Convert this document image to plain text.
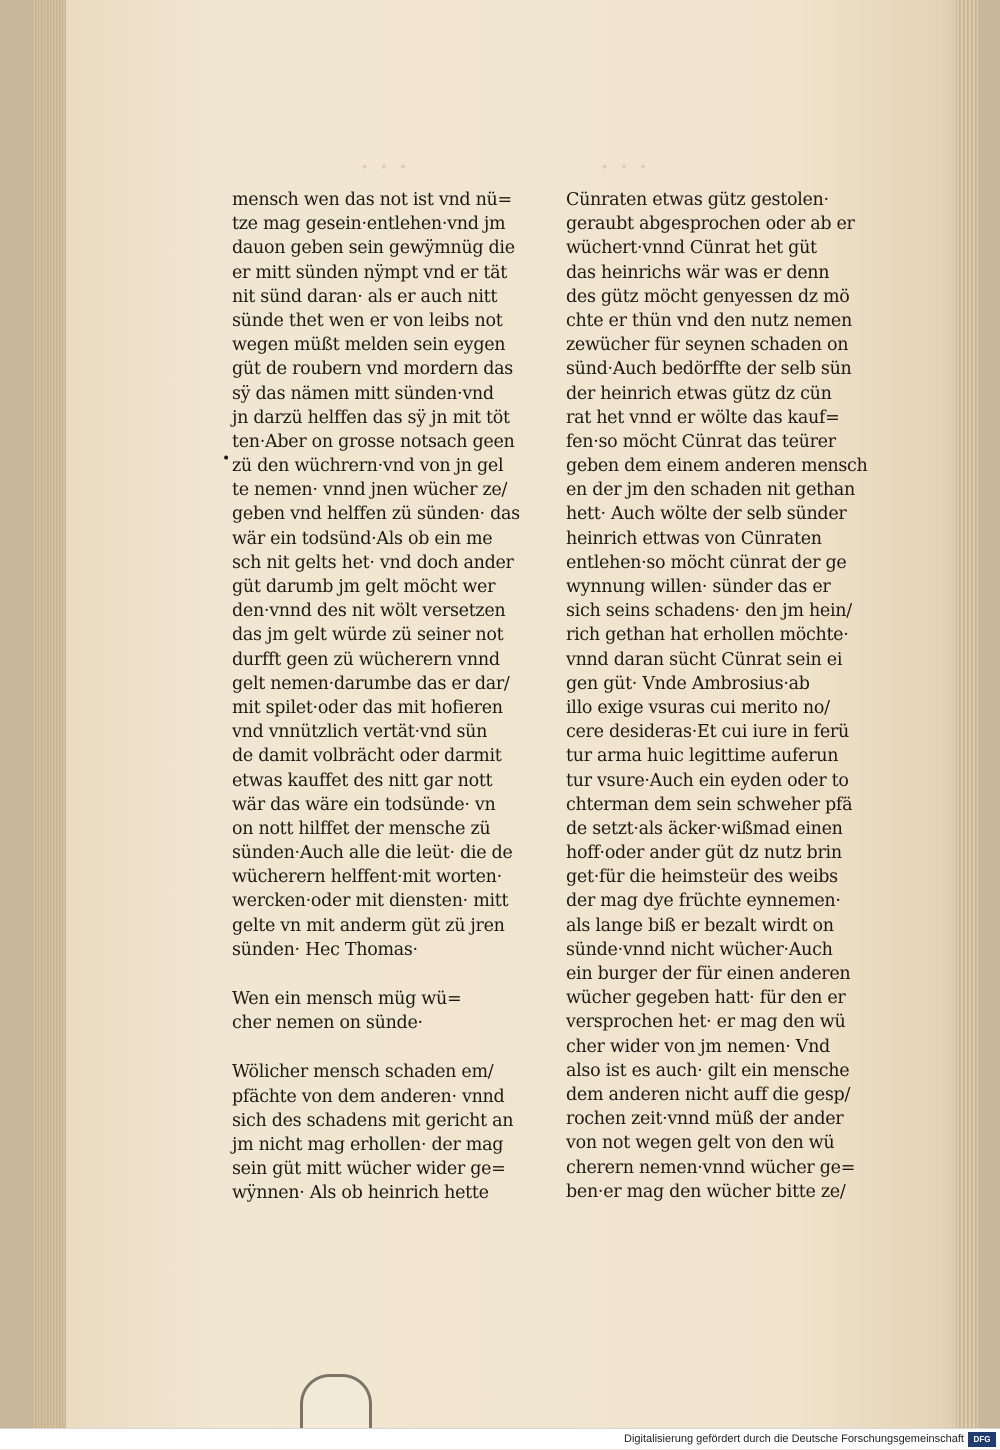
· · ·	· · ·
•
mensch wen das not ist vnd nü=
tze mag gesein·entlehen·vnd jm
dauon geben sein gewÿmnüg die
er mitt sünden nÿmpt vnd er tät
nit sünd daran· als er auch nitt
sünde thet wen er von leibs not
wegen müßt melden sein eygen
güt de roubern vnd mordern das
sÿ das nämen mitt sünden·vnd
jn darzü helffen das sÿ jn mit töt
ten·Aber on grosse notsach geen
zü den wüchrern·vnd von jn gel
te nemen· vnnd jnen wücher ze/
geben vnd helffen zü sünden· das
wär ein todsünd·Als ob ein me
sch nit gelts het· vnd doch ander
güt darumb jm gelt möcht wer
den·vnnd des nit wölt versetzen
das jm gelt würde zü seiner not
durfft geen zü wücherern vnnd
gelt nemen·darumbe das er dar/
mit spilet·oder das mit hofieren
vnd vnnützlich vertät·vnd sün
de damit volbrächt oder darmit
etwas kauffet des nitt gar nott
wär das wäre ein todsünde· vn
on nott hilffet der mensche zü
sünden·Auch alle die leüt· die de
wücherern helffent·mit worten·
wercken·oder mit diensten· mitt
gelte vn mit anderm güt zü jren
sünden· Hec Thomas·
Wen ein mensch müg wü=
cher nemen on sünde·
Wölicher mensch schaden em/
pfächte von dem anderen· vnnd
sich des schadens mit gericht an
jm nicht mag erhollen· der mag
sein güt mitt wücher wider ge=
wÿnnen· Als ob heinrich hette
Cünraten etwas gütz gestolen·
geraubt abgesprochen oder ab er
wüchert·vnnd Cünrat het güt
das heinrichs wär was er denn
des gütz möcht genyessen dz mö
chte er thün vnd den nutz nemen
zewücher für seynen schaden on
sünd·Auch bedörffte der selb sün
der heinrich etwas gütz dz cün
rat het vnnd er wölte das kauf=
fen·so möcht Cünrat das teürer
geben dem einem anderen mensch
en der jm den schaden nit gethan
hett· Auch wölte der selb sünder
heinrich ettwas von Cünraten
entlehen·so möcht cünrat der ge
wynnung willen· sünder das er
sich seins schadens· den jm hein/
rich gethan hat erhollen möchte·
vnnd daran sücht Cünrat sein ei
gen güt· Vnde Ambrosius·ab
illo exige vsuras cui merito no/
cere desideras·Et cui iure in ferü
tur arma huic legittime auferun
tur vsure·Auch ein eyden oder to
chterman dem sein schweher pfä
de setzt·als äcker·wißmad einen
hoff·oder ander güt dz nutz brin
get·für die heimsteür des weibs
der mag dye früchte eynnemen·
als lange biß er bezalt wirdt on
sünde·vnnd nicht wücher·Auch
ein burger der für einen anderen
wücher gegeben hatt· für den er
versprochen het· er mag den wü
cher wider von jm nemen· Vnd
also ist es auch· gilt ein mensche
dem anderen nicht auff die gesp/
rochen zeit·vnnd müß der ander
von not wegen gelt von den wü
cherern nemen·vnnd wücher ge=
ben·er mag den wücher bitte ze/
Digitalisierung gefördert durch die Deutsche Forschungsgemeinschaft	DFG
